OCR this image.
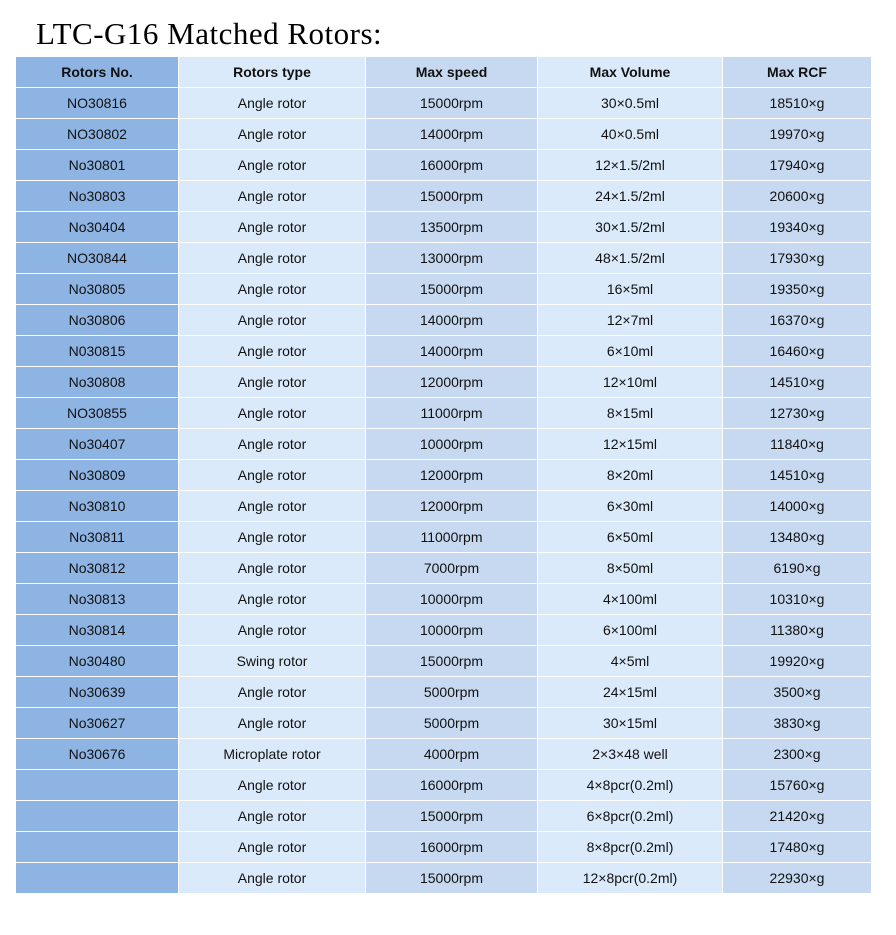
LTC-G16 Matched Rotors:
Rotors No.	Rotors type	Max speed	Max Volume	Max RCF
NO30816	Angle rotor	15000rpm	30×0.5ml	18510×g
NO30802	Angle rotor	14000rpm	40×0.5ml	19970×g
No30801	Angle rotor	16000rpm	12×1.5/2ml	17940×g
No30803	Angle rotor	15000rpm	24×1.5/2ml	20600×g
No30404	Angle rotor	13500rpm	30×1.5/2ml	19340×g
NO30844	Angle rotor	13000rpm	48×1.5/2ml	17930×g
No30805	Angle rotor	15000rpm	16×5ml	19350×g
No30806	Angle rotor	14000rpm	12×7ml	16370×g
N030815	Angle rotor	14000rpm	6×10ml	16460×g
No30808	Angle rotor	12000rpm	12×10ml	14510×g
NO30855	Angle rotor	11000rpm	8×15ml	12730×g
No30407	Angle rotor	10000rpm	12×15ml	11840×g
No30809	Angle rotor	12000rpm	8×20ml	14510×g
No30810	Angle rotor	12000rpm	6×30ml	14000×g
No30811	Angle rotor	11000rpm	6×50ml	13480×g
No30812	Angle rotor	7000rpm	8×50ml	6190×g
No30813	Angle rotor	10000rpm	4×100ml	10310×g
No30814	Angle rotor	10000rpm	6×100ml	11380×g
No30480	Swing rotor	15000rpm	4×5ml	19920×g
No30639	Angle rotor	5000rpm	24×15ml	3500×g
No30627	Angle rotor	5000rpm	30×15ml	3830×g
No30676	Microplate rotor	4000rpm	2×3×48 well	2300×g
	Angle rotor	16000rpm	4×8pcr(0.2ml)	15760×g
	Angle rotor	15000rpm	6×8pcr(0.2ml)	21420×g
	Angle rotor	16000rpm	8×8pcr(0.2ml)	17480×g
	Angle rotor	15000rpm	12×8pcr(0.2ml)	22930×g
